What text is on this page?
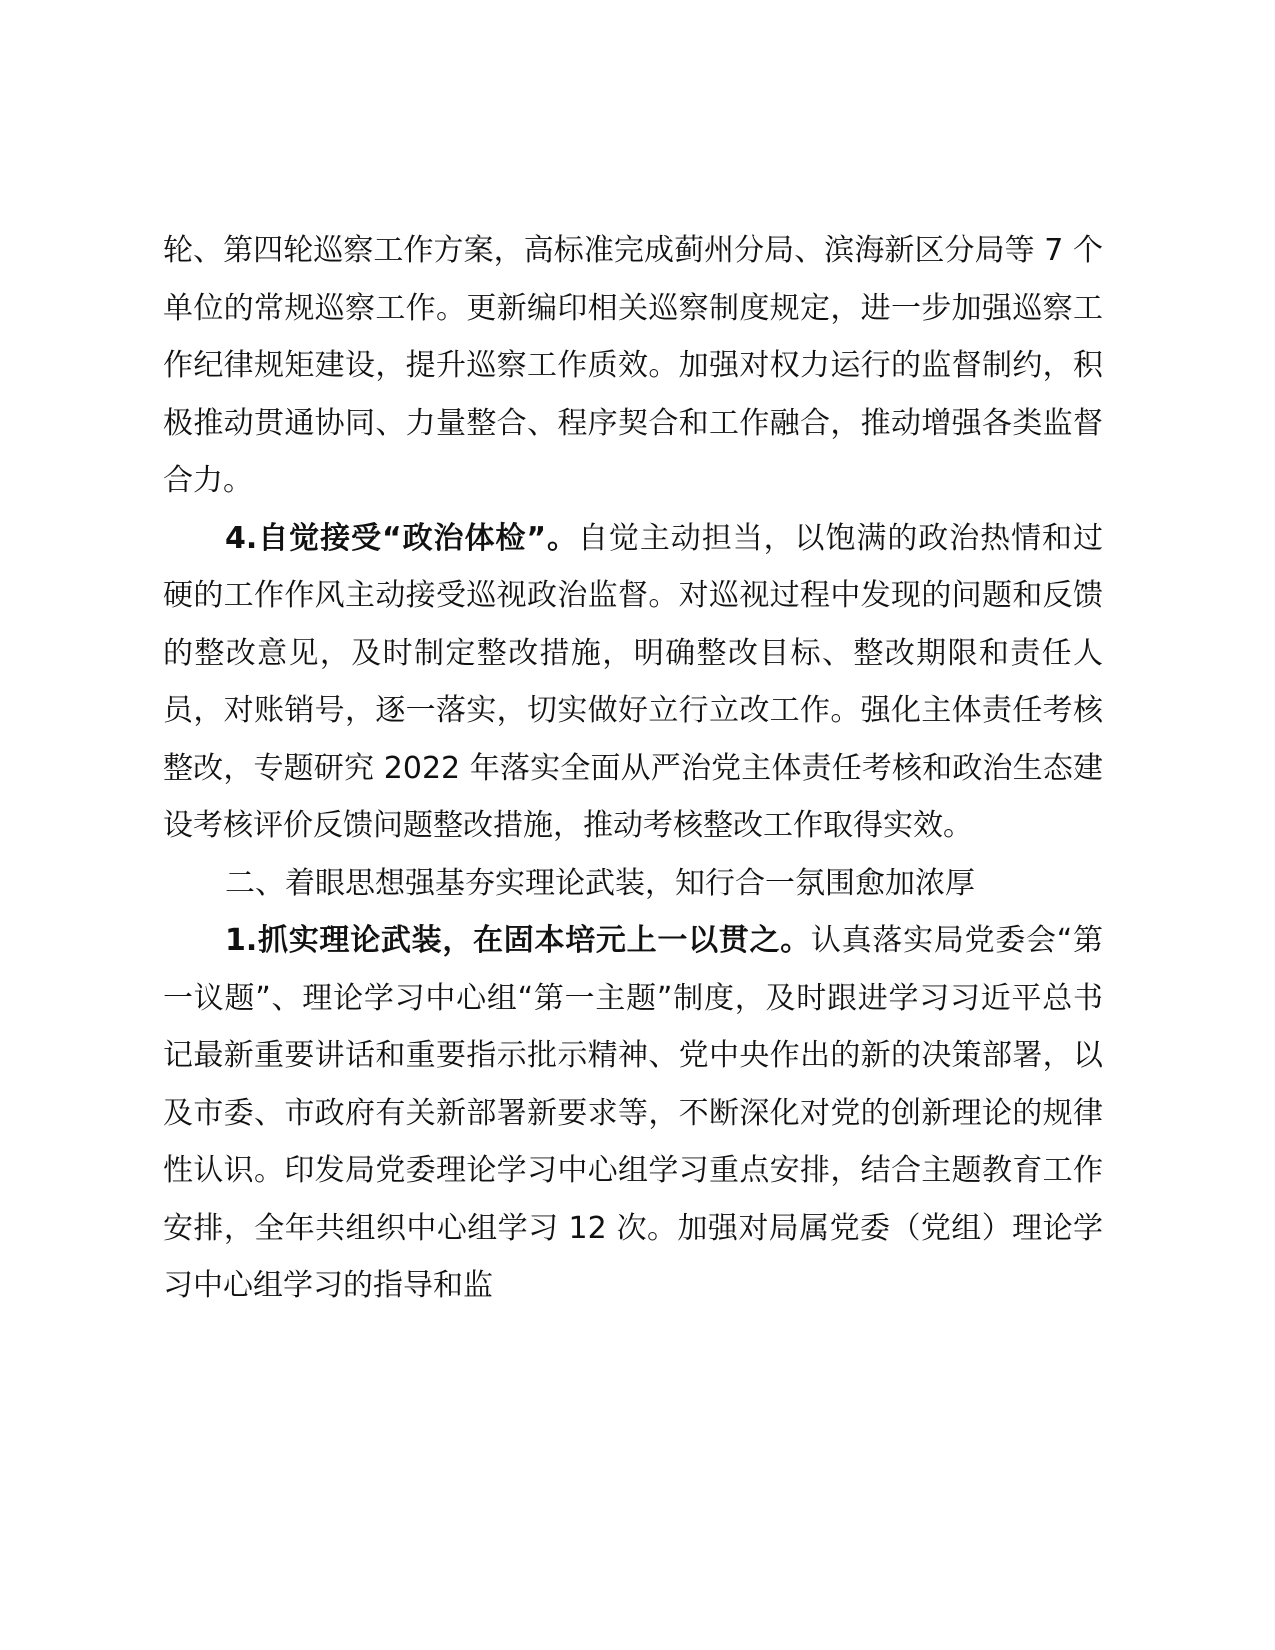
轮、第四轮巡察工作方案，高标准完成蓟州分局、滨海新区分局等 7 个单位的常规巡察工作。更新编印相关巡察制度规定，进一步加强巡察工作纪律规矩建设，提升巡察工作质效。加强对权力运行的监督制约，积极推动贯通协同、力量整合、程序契合和工作融合，推动增强各类监督合力。

4.自觉接受“政治体检”。自觉主动担当，以饱满的政治热情和过硬的工作作风主动接受巡视政治监督。对巡视过程中发现的问题和反馈的整改意见，及时制定整改措施，明确整改目标、整改期限和责任人员，对账销号，逐一落实，切实做好立行立改工作。强化主体责任考核整改，专题研究 2022 年落实全面从严治党主体责任考核和政治生态建设考核评价反馈问题整改措施，推动考核整改工作取得实效。

二、着眼思想强基夯实理论武装，知行合一氛围愈加浓厚

1.抓实理论武装，在固本培元上一以贯之。认真落实局党委会“第一议题”、理论学习中心组“第一主题”制度，及时跟进学习习近平总书记最新重要讲话和重要指示批示精神、党中央作出的新的决策部署，以及市委、市政府有关新部署新要求等，不断深化对党的创新理论的规律性认识。印发局党委理论学习中心组学习重点安排，结合主题教育工作安排，全年共组织中心组学习 12 次。加强对局属党委（党组）理论学习中心组学习的指导和监
